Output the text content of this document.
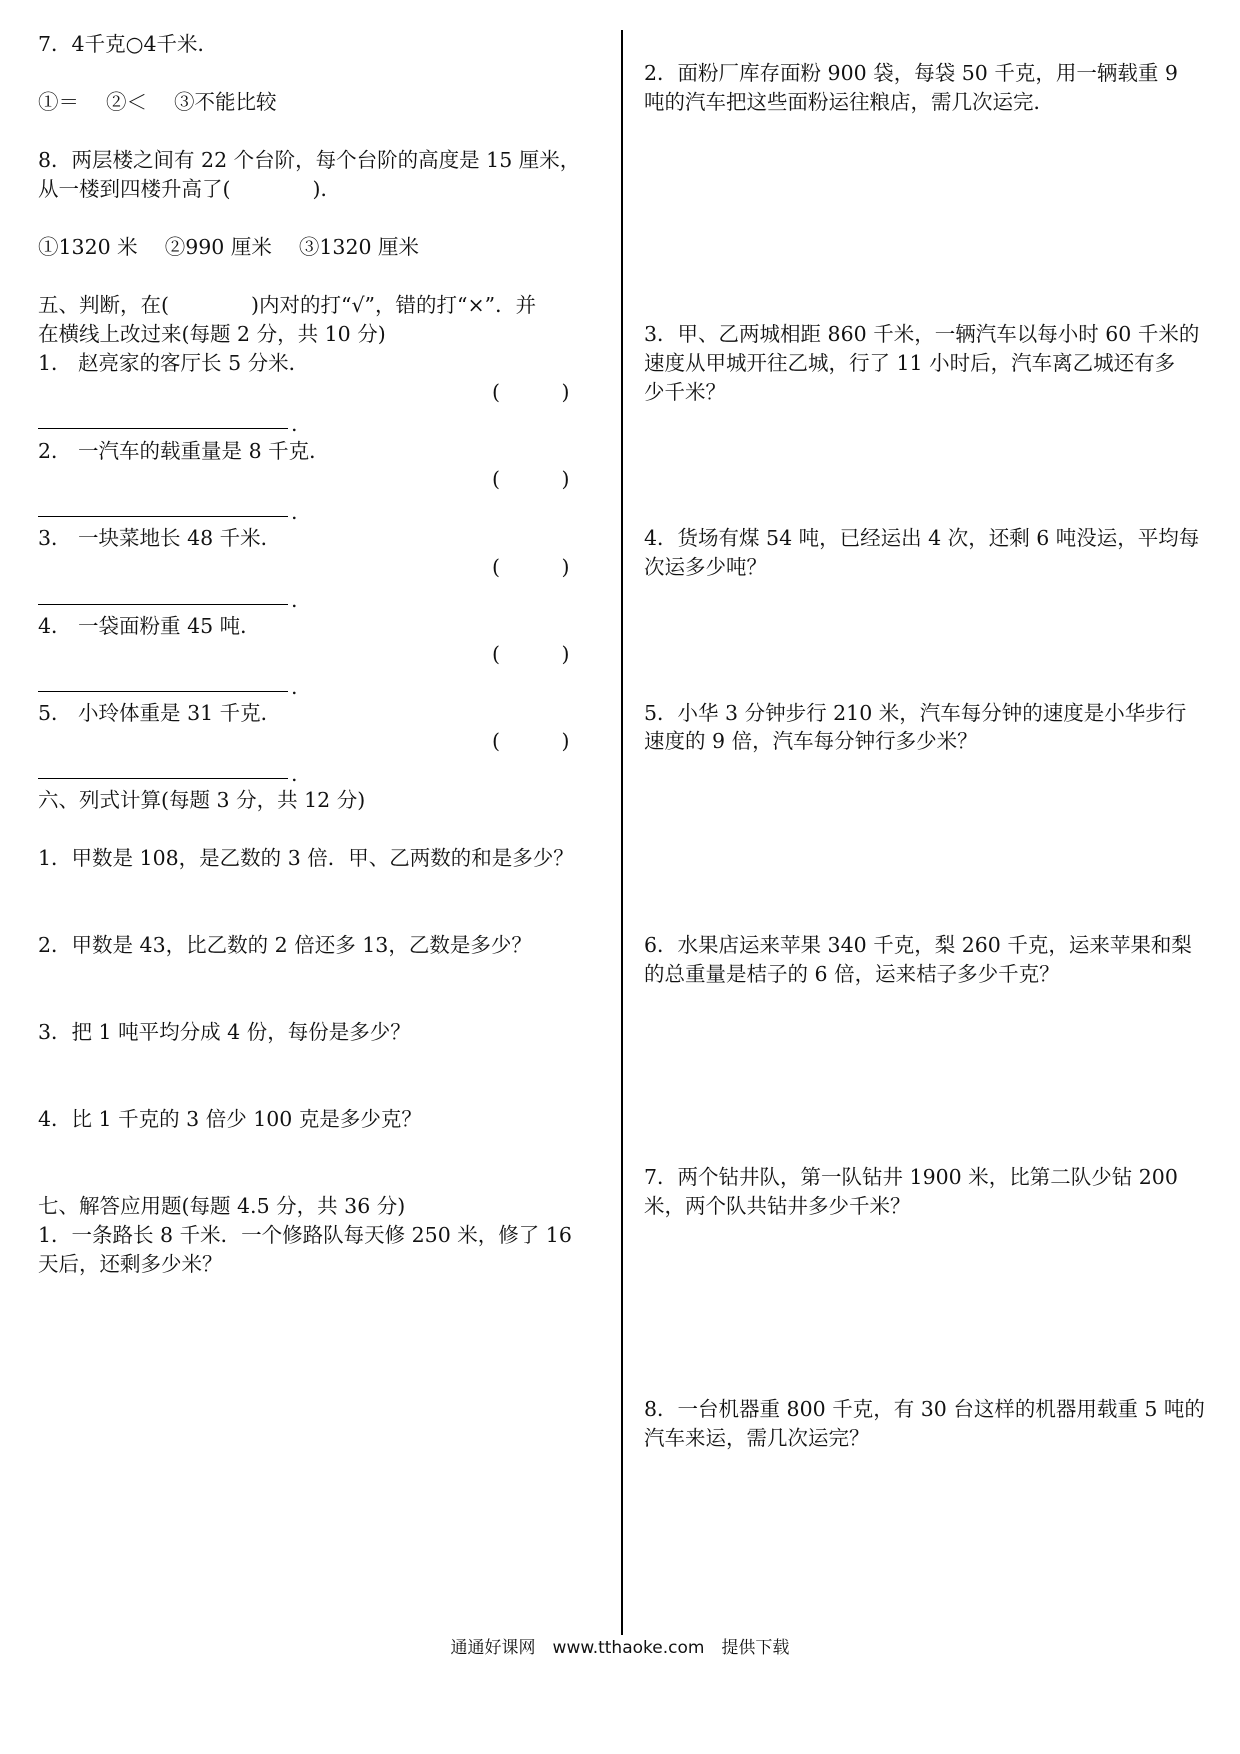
7．4千克○4千米．
①＝　 ②＜　 ③不能比较
8．两层楼之间有 22 个台阶，每个台阶的高度是 15 厘米，
从一楼到四楼升高了(　　　　)．
①1320 米　 ②990 厘米　 ③1320 厘米
五、判断，在(　　　　)内对的打“√”，错的打“×”．并
在横线上改过来(每题 2 分，共 10 分)
1． 赵亮家的客厅长 5 分米．
(　　　)
.
2． 一汽车的载重量是 8 千克．
(　　　)
.
3． 一块菜地长 48 千米．
(　　　)
.
4． 一袋面粉重 45 吨．
(　　　)
.
5． 小玲体重是 31 千克．
(　　　)
.
六、列式计算(每题 3 分，共 12 分)
1．甲数是 108，是乙数的 3 倍．甲、乙两数的和是多少？
2．甲数是 43，比乙数的 2 倍还多 13，乙数是多少？
3．把 1 吨平均分成 4 份，每份是多少？
4．比 1 千克的 3 倍少 100 克是多少克？
七、解答应用题(每题 4.5 分，共 36 分)
1．一条路长 8 千米．一个修路队每天修 250 米，修了 16
天后，还剩多少米？
2．面粉厂库存面粉 900 袋，每袋 50 千克，用一辆载重 9
吨的汽车把这些面粉运往粮店，需几次运完．
3．甲、乙两城相距 860 千米，一辆汽车以每小时 60 千米的
速度从甲城开往乙城，行了 11 小时后，汽车离乙城还有多
少千米？
4．货场有煤 54 吨，已经运出 4 次，还剩 6 吨没运，平均每
次运多少吨？
5．小华 3 分钟步行 210 米，汽车每分钟的速度是小华步行
速度的 9 倍，汽车每分钟行多少米？
6．水果店运来苹果 340 千克，梨 260 千克，运来苹果和梨
的总重量是桔子的 6 倍，运来桔子多少千克？
7．两个钻井队，第一队钻井 1900 米，比第二队少钻 200
米，两个队共钻井多少千米？
8．一台机器重 800 千克，有 30 台这样的机器用载重 5 吨的
汽车来运，需几次运完？
通通好课网　www.tthaoke.com　提供下载
